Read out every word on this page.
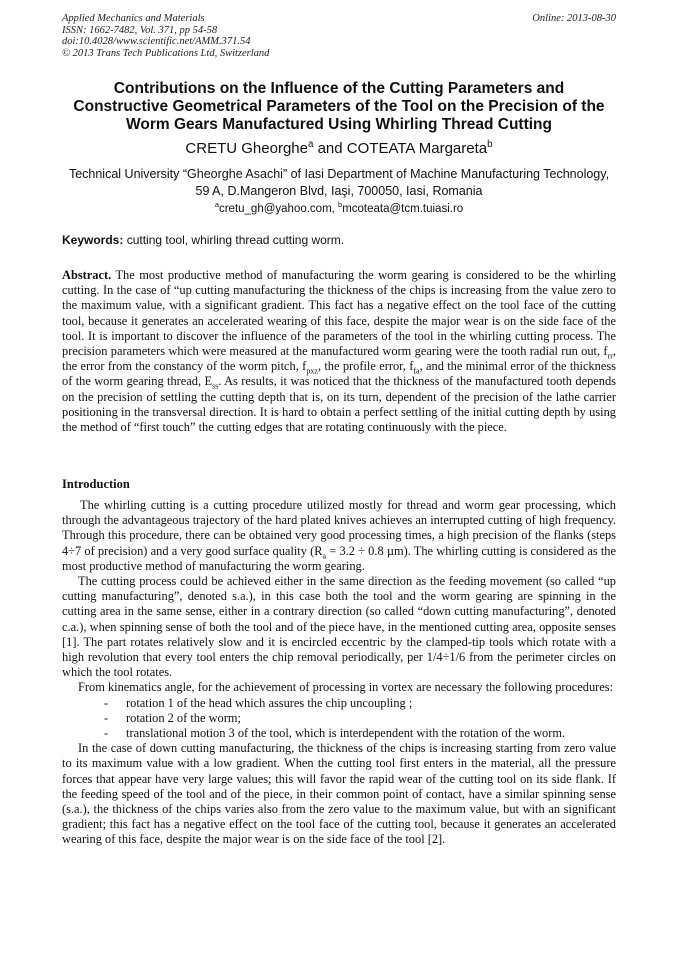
Applied Mechanics and Materials	Online: 2013-08-30
ISSN: 1662-7482, Vol. 371, pp 54-58
doi:10.4028/www.scientific.net/AMM.371.54
© 2013 Trans Tech Publications Ltd, Switzerland
Contributions on the Influence of the Cutting Parameters and
Constructive Geometrical Parameters of the Tool on the Precision of the
Worm Gears Manufactured Using Whirling Thread Cutting
CRETU Gheorghe$^a$ and COTEATA Margareta$^b$
Technical University “Gheorghe Asachi” of Iasi Department of Machine Manufacturing Technology,
59 A, D.Mangeron Blvd, Iaşi, 700050, Iasi, Romania
$^a$cretu_gh@yahoo.com, $^b$mcoteata@tcm.tuiasi.ro
Keywords: cutting tool, whirling thread cutting worm.
Abstract. The most productive method of manufacturing the worm gearing is considered to be the whirling cutting. In the case of “up cutting manufacturing the thickness of the chips is increasing from the value zero to the maximum value, with a significant gradient. This fact has a negative effect on the tool face of the cutting tool, because it generates an accelerated wearing of this face, despite the major wear is on the side face of the tool. It is important to discover the influence of the parameters of the tool in the whirling cutting process. The precision parameters which were measured at the manufactured worm gearing were the tooth radial run out, $f_{rr}$, the error from the constancy of the worm pitch, $f_{pxz}$, the profile error, $f_{fa}$, and the minimal error of the thickness of the worm gearing thread, $E_{ss}$. As results, it was noticed that the thickness of the manufactured tooth depends on the precision of settling the cutting depth that is, on its turn, dependent of the precision of the lathe carrier positioning in the transversal direction. It is hard to obtain a perfect settling of the initial cutting depth by using the method of “first touch” the cutting edges that are rotating continuously with the piece.
Introduction

The whirling cutting is a cutting procedure utilized mostly for thread and worm gear processing, which through the advantageous trajectory of the hard plated knives achieves an interrupted cutting of high frequency. Through this procedure, there can be obtained very good processing times, a high precision of the flanks (steps 4÷7 of precision) and a very good surface quality ($R_a = 3.2 \div 0.8$ µm). The whirling cutting is considered as the most productive method of manufacturing the worm gearing.

The cutting process could be achieved either in the same direction as the feeding movement (so called “up cutting manufacturing”, denoted s.a.), in this case both the tool and the worm gearing are spinning in the cutting area in the same sense, either in a contrary direction (so called “down cutting manufacturing”, denoted c.a.), when spinning sense of both the tool and of the piece have, in the mentioned cutting area, opposite senses [1]. The part rotates relatively slow and it is encircled eccentric by the clamped-tip tools which rotate with a high revolution that every tool enters the chip removal periodically, per 1/4÷1/6 from the perimeter circles on which the tool rotates.

From kinematics angle, for the achievement of processing in vortex are necessary the following procedures:

- rotation 1 of the head which assures the chip uncoupling ;
- rotation 2 of the worm;
- translational motion 3 of the tool, which is interdependent with the rotation of the worm.

In the case of down cutting manufacturing, the thickness of the chips is increasing starting from zero value to its maximum value with a low gradient. When the cutting tool first enters in the material, all the pressure forces that appear have very large values; this will favor the rapid wear of the cutting tool on its side flank. If the feeding speed of the tool and of the piece, in their common point of contact, have a similar spinning sense (s.a.), the thickness of the chips varies also from the zero value to the maximum value, but with an significant gradient; this fact has a negative effect on the tool face of the cutting tool, because it generates an accelerated wearing of this face, despite the major wear is on the side face of the tool [2].
